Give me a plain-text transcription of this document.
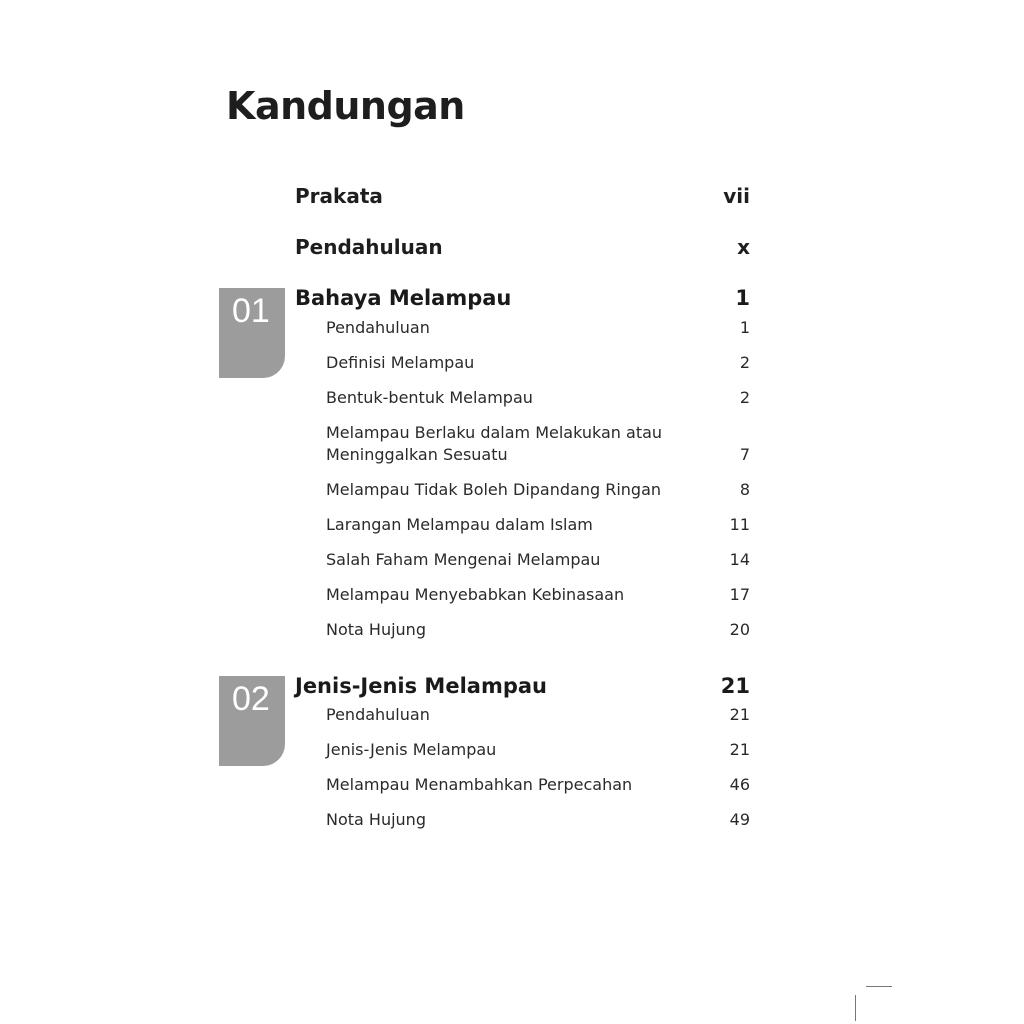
Kandungan
Prakata	vii
Pendahuluan	x
01 Bahaya Melampau	1
Pendahuluan	1
Definisi Melampau	2
Bentuk-bentuk Melampau	2
Melampau Berlaku dalam Melakukan atau
Meninggalkan Sesuatu	7
Melampau Tidak Boleh Dipandang Ringan	8
Larangan Melampau dalam Islam	11
Salah Faham Mengenai Melampau	14
Melampau Menyebabkan Kebinasaan	17
Nota Hujung	20
02 Jenis-Jenis Melampau	21
Pendahuluan	21
Jenis-Jenis Melampau	21
Melampau Menambahkan Perpecahan	46
Nota Hujung	49
